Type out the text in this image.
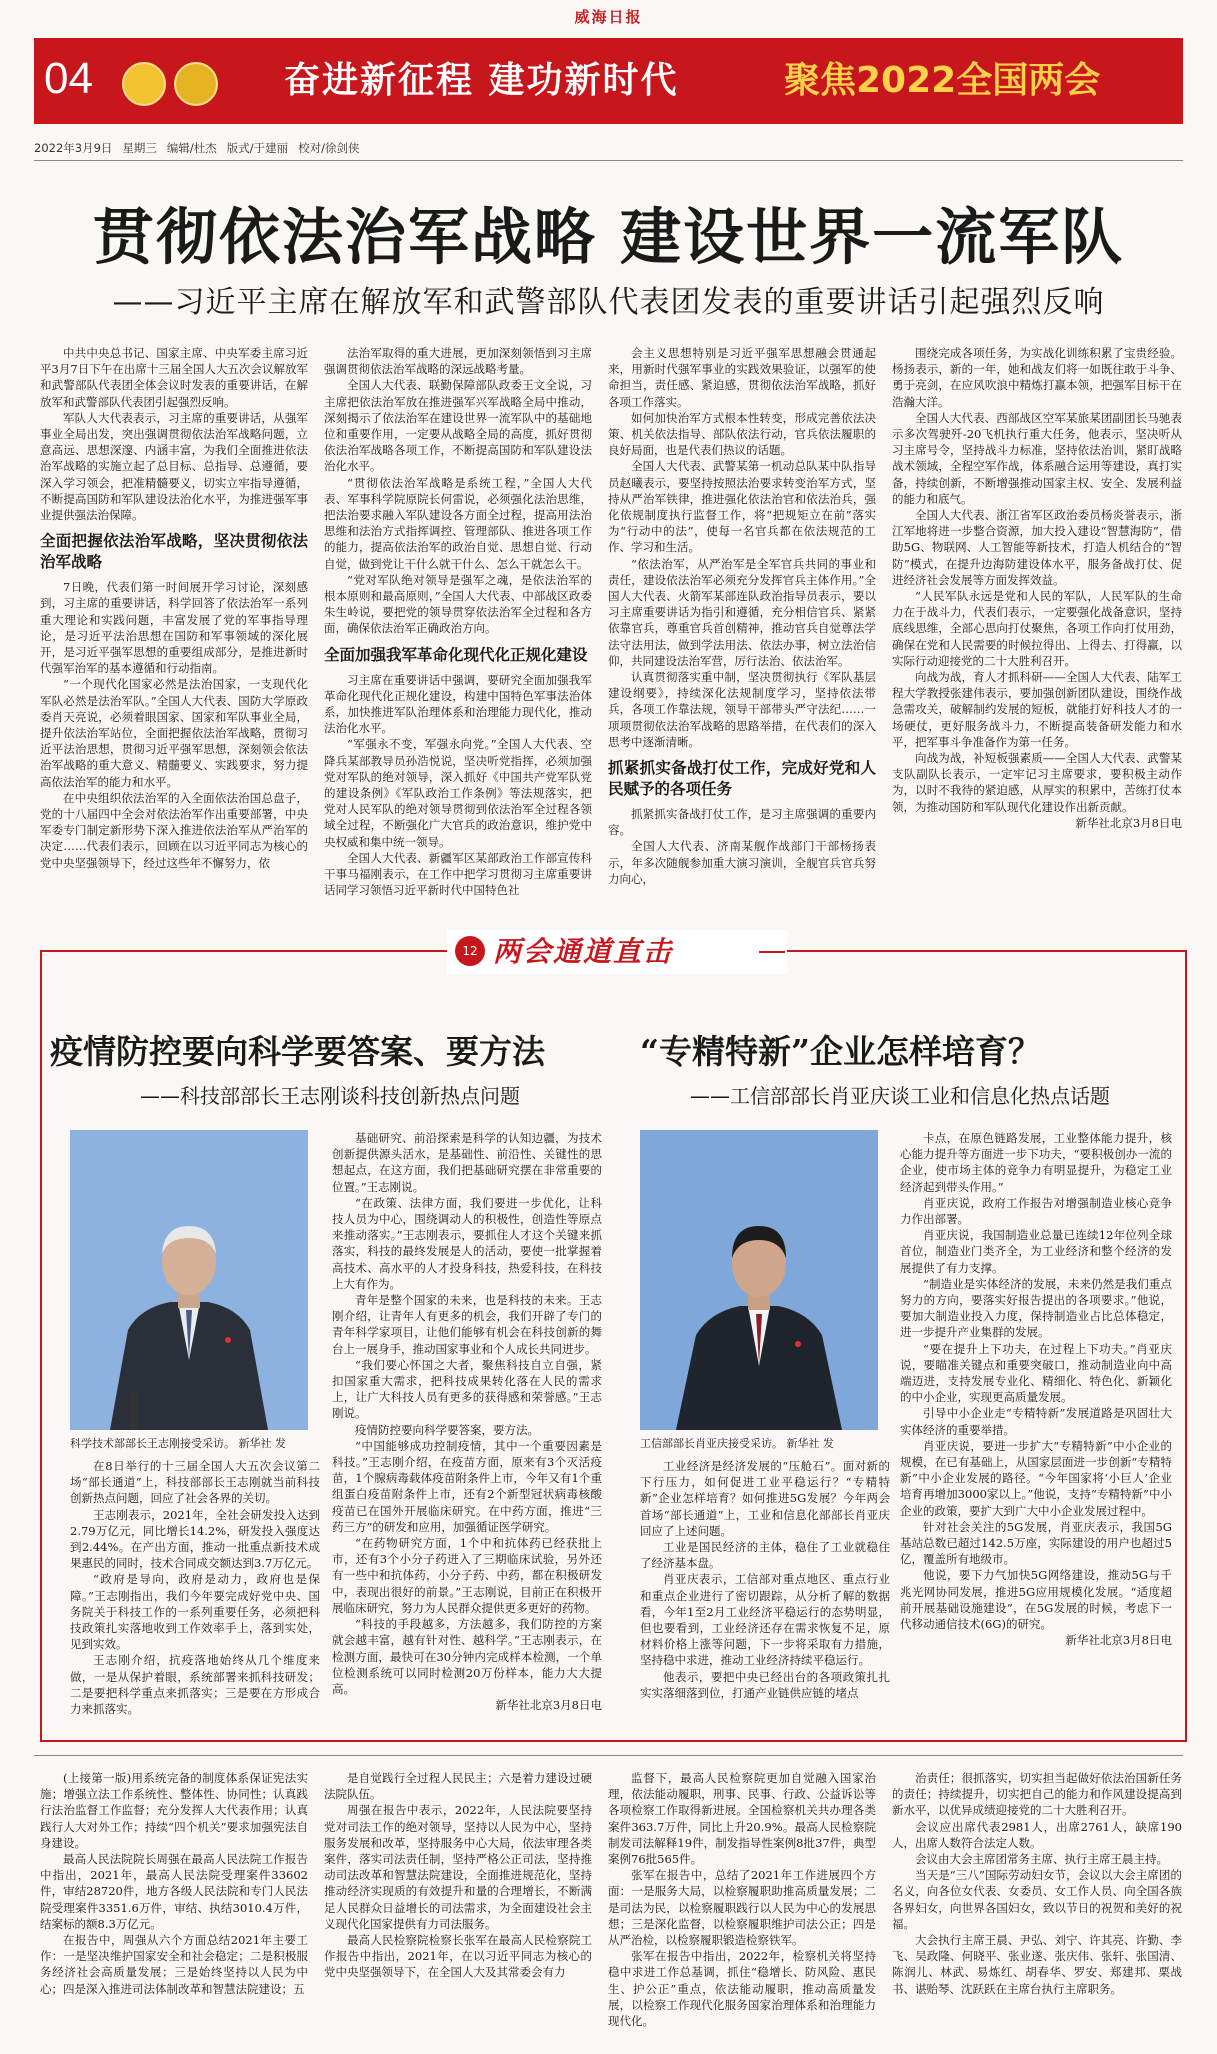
威海日报
04	奋进新征程 建功新时代	聚焦2022全国两会
2022年3月9日 星期三 编辑/杜杰 版式/于建丽 校对/徐剑侠
贯彻依法治军战略 建设世界一流军队
——习近平主席在解放军和武警部队代表团发表的重要讲话引起强烈反响

中共中央总书记、国家主席、中央军委主席习近平3月7日下午在出席十三届全国人大五次会议解放军和武警部队代表团全体会议时发表的重要讲话，在解放军和武警部队代表团引起强烈反响。

军队人大代表表示，习主席的重要讲话，从强军事业全局出发，突出强调贯彻依法治军战略问题，立意高远、思想深邃、内涵丰富，为我们全面推进依法治军战略的实施立起了总目标、总指导、总遵循，要深入学习领会，把准精髓要义，切实立牢指导遵循，不断提高国防和军队建设法治化水平，为推进强军事业提供强法治保障。

全面把握依法治军战略，坚决贯彻依法治军战略

7日晚，代表们第一时间展开学习讨论，深刻感到，习主席的重要讲话，科学回答了依法治军一系列重大理论和实践问题，丰富发展了党的军事指导理论，是习近平法治思想在国防和军事领域的深化展开，是习近平强军思想的重要组成部分，是推进新时代强军治军的基本遵循和行动指南。

“一个现代化国家必然是法治国家，一支现代化军队必然是法治军队。”全国人大代表、国防大学原政委肖天亮说，必须着眼国家、国家和军队事业全局，提升依法治军站位，全面把握依法治军战略，贯彻习近平法治思想，贯彻习近平强军思想，深刻领会依法治军战略的重大意义、精髓要义、实践要求，努力提高依法治军的能力和水平。

在中央组织依法治军的入全面依法治国总盘子，党的十八届四中全会对依法治军作出重要部署，中央军委专门制定新形势下深入推进依法治军从严治军的决定……代表们表示，回顾在以习近平同志为核心的党中央坚强领导下，经过这些年不懈努力，依

法治军取得的重大进展，更加深刻领悟到习主席强调贯彻依法治军战略的深远战略考量。

全国人大代表、联勤保障部队政委王文全说，习主席把依法治军放在推进强军兴军战略全局中推动，深刻揭示了依法治军在建设世界一流军队中的基础地位和重要作用，一定要从战略全局的高度，抓好贯彻依法治军战略各项工作，不断提高国防和军队建设法治化水平。

“贯彻依法治军战略是系统工程，”全国人大代表、军事科学院原院长何雷说，必须强化法治思维，把法治要求融入军队建设各方面全过程，提高用法治思维和法治方式指挥调控、管理部队、推进各项工作的能力，提高依法治军的政治自觉、思想自觉、行动自觉，做到党让干什么就干什么、怎么干就怎么干。

“党对军队绝对领导是强军之魂，是依法治军的根本原则和最高原则，”全国人大代表、中部战区政委朱生岭说，要把党的领导贯穿依法治军全过程和各方面，确保依法治军正确政治方向。

全面加强我军革命化现代化正规化建设

习主席在重要讲话中强调，要研究全面加强我军革命化现代化正规化建设，构建中国特色军事法治体系，加快推进军队治理体系和治理能力现代化，推动法治化水平。

“军强永不变，军强永向党。”全国人大代表、空降兵某部教导员孙浩悦说，坚决听党指挥，必须加强党对军队的绝对领导，深入抓好《中国共产党军队党的建设条例》《军队政治工作条例》等法规落实，把党对人民军队的绝对领导贯彻到依法治军全过程各领域全过程，不断强化广大官兵的政治意识，维护党中央权威和集中统一领导。

全国人大代表、新疆军区某部政治工作部宣传科干事马福刚表示，在工作中把学习贯彻习主席重要讲话同学习领悟习近平新时代中国特色社

会主义思想特别是习近平强军思想融会贯通起来，用新时代强军事业的实践效果验证，以强军的使命担当，责任感、紧迫感，贯彻依法治军战略，抓好各项工作落实。

如何加快治军方式根本性转变，形成完善依法决策、机关依法指导、部队依法行动，官兵依法履职的良好局面，也是代表们热议的话题。

全国人大代表、武警某第一机动总队某中队指导员赵曦表示，要坚持按照法治要求转变治军方式，坚持从严治军铁律，推进强化依法治官和依法治兵，强化依规制度执行监督工作，将“把规矩立在前”落实为“行动中的法”，使每一名官兵都在依法规范的工作、学习和生活。

“依法治军，从严治军是全军官兵共同的事业和责任，建设依法治军必须充分发挥官兵主体作用。”全国人大代表、火箭军某部连队政治指导员表示，要以习主席重要讲话为指引和遵循，充分相信官兵、紧紧依靠官兵，尊重官兵首创精神，推动官兵自觉尊法学法守法用法，做到学法用法、依法办事，树立法治信仰，共同建设法治军营，厉行法治、依法治军。

认真贯彻落实重中制，坚决贯彻执行《军队基层建设纲要》，持续深化法规制度学习，坚持依法带兵，各项工作靠法规，领导干部带头严守法纪……一项项贯彻依法治军战略的思路举措，在代表们的深入思考中逐渐清晰。

抓紧抓实备战打仗工作，完成好党和人民赋予的各项任务

抓紧抓实备战打仗工作，是习主席强调的重要内容。

全国人大代表、济南某舰作战部门干部杨扬表示，年多次随舰参加重大演习演训，全舰官兵官兵努力向心，

围绕完成各项任务，为实战化训练积累了宝贵经验。杨扬表示，新的一年，她和战友们将一如既往敢于斗争、勇于亮剑，在应风吹浪中精炼打赢本领，把强军目标干在浩瀚大洋。

全国人大代表、西部战区空军某旅某团副团长马驰表示多次驾驶歼-20飞机执行重大任务，他表示，坚决听从习主席号令，坚持战斗力标准，坚持依法治训，紧盯战略战术领域，全程空军作战，体系融合运用等建设，真打实备，持续创新，不断增强推动国家主权、安全、发展利益的能力和底气。

全国人大代表、浙江省军区政治委员杨炎誉表示，浙江军地将进一步整合资源，加大投入建设“智慧海防”，借助5G、物联网、人工智能等新技术，打造人机结合的“智防”模式，在提升边海防建设体水平，服务备战打仗、促进经济社会发展等方面发挥效益。

“人民军队永远是党和人民的军队，人民军队的生命力在于战斗力，代表们表示，一定要强化战备意识，坚持底线思维，全部心思向打仗聚焦，各项工作向打仗用劲，确保在党和人民需要的时候拉得出、上得去、打得赢，以实际行动迎接党的二十大胜利召开。

向战为战，育人才抓科研——全国人大代表、陆军工程大学教授张建伟表示，要加强创新团队建设，围绕作战急需攻关，破解制约发展的短板，就能打好科技人才的一场硬仗，更好服务战斗力，不断提高装备研发能力和水平，把军事斗争准备作为第一任务。

向战为战，补短板强素质——全国人大代表、武警某支队副队长表示，一定牢记习主席要求，要积极主动作为，以时不我待的紧迫感，从厚实的积累中，苦练打仗本领，为推动国防和军队现代化建设作出新贡献。

新华社北京3月8日电

12 两会通道直击
疫情防控要向科学要答案、要方法
——科技部部长王志刚谈科技创新热点问题
科学技术部部长王志刚接受采访。 新华社 发

在8日举行的十三届全国人大五次会议第二场“部长通道”上，科技部部长王志刚就当前科技创新热点问题，回应了社会各界的关切。

王志刚表示，2021年，全社会研发投入达到2.79万亿元，同比增长14.2%，研发投入强度达到2.44%。在产出方面，推动一批重点新技术成果惠民的同时，技术合同成交额达到3.7万亿元。

“政府是导向，政府是动力，政府也是保障。”王志刚指出，我们今年要完成好党中央、国务院关于科技工作的一系列重要任务，必须把科技政策扎实落地收到工作效率手上，落到实处，见到实效。

王志刚介绍，抗疫落地始终从几个维度来做，一是从保护着眼，系统部署来抓科技研发；二是要把科学重点来抓落实；三是要在方形成合力来抓落实。

基础研究、前沿探索是科学的认知边疆，为技术创新提供源头活水，是基础性、前沿性、关键性的思想起点，在这方面，我们把基础研究摆在非常重要的位置。”王志刚说。

“在政策、法律方面，我们要进一步优化，让科技人员为中心，围绕调动人的积极性，创造性等原点来推动落实。”王志刚表示，要抓住人才这个关键来抓落实，科技的最终发展是人的活动，要使一批掌握着高技术、高水平的人才投身科技，热爱科技，在科技上大有作为。

青年是整个国家的未来，也是科技的未来。王志刚介绍，让青年人有更多的机会，我们开辟了专门的青年科学家项目，让他们能够有机会在科技创新的舞台上一展身手，推动国家事业和个人成长共同进步。

“我们要心怀国之大者，聚焦科技自立自强，紧扣国家重大需求，把科技成果转化落在人民的需求上，让广大科技人员有更多的获得感和荣誉感。”王志刚说。

疫情防控要向科学要答案，要方法。

“中国能够成功控制疫情，其中一个重要因素是科技。”王志刚介绍，在疫苗方面，原来有3个灭活疫苗，1个腺病毒载体疫苗附条件上市，今年又有1个重组蛋白疫苗附条件上市，还有2个新型冠状病毒核酸疫苗已在国外开展临床研究。在中药方面，推进“三药三方”的研发和应用，加强循证医学研究。

“在药物研究方面，1个中和抗体药已经获批上市，还有3个小分子药进入了三期临床试验，另外还有一些中和抗体药，小分子药、中药，都在积极研发中，表现出很好的前景。”王志刚说，目前正在积极开展临床研究，努力为人民群众提供更多更好的药物。

“科技的手段越多，方法越多，我们防控的方案就会越丰富，越有针对性、越科学。”王志刚表示，在检测方面，最快可在30分钟内完成样本检测，一个单位检测系统可以同时检测20万份样本，能力大大提高。

新华社北京3月8日电

“专精特新”企业怎样培育？
——工信部部长肖亚庆谈工业和信息化热点话题
工信部部长肖亚庆接受采访。 新华社 发

工业经济是经济发展的“压舱石”。面对新的下行压力，如何促进工业平稳运行？“专精特新”企业怎样培育？如何推进5G发展？今年两会首场“部长通道”上，工业和信息化部部长肖亚庆回应了上述问题。

工业是国民经济的主体，稳住了工业就稳住了经济基本盘。

肖亚庆表示，工信部对重点地区、重点行业和重点企业进行了密切跟踪，从分析了解的数据看，今年1至2月工业经济平稳运行的态势明显，但也要看到，工业经济还存在需求恢复不足，原材料价格上涨等问题，下一步将采取有力措施，坚持稳中求进，推动工业经济持续平稳运行。

他表示，要把中央已经出台的各项政策扎扎实实落细落到位，打通产业链供应链的堵点

卡点，在原色链路发展，工业整体能力提升，核心能力提升等方面进一步下功夫，“要积极创办一流的企业，使市场主体的竞争力有明显提升，为稳定工业经济起到带头作用。”

肖亚庆说，政府工作报告对增强制造业核心竞争力作出部署。

肖亚庆说，我国制造业总量已连续12年位列全球首位，制造业门类齐全，为工业经济和整个经济的发展提供了有力支撑。

“制造业是实体经济的发展，未来仍然是我们重点努力的方向，要落实好报告提出的各项要求。”他说，要加大制造业投入力度，保持制造业占比总体稳定，进一步提升产业集群的发展。

“要在提升上下功夫，在过程上下功夫。”肖亚庆说，要瞄准关键点和重要突破口，推动制造业向中高端迈进，支持发展专业化、精细化、特色化、新颖化的中小企业，实现更高质量发展。

引导中小企业走“专精特新”发展道路是巩固壮大实体经济的重要举措。

肖亚庆说，要进一步扩大“专精特新”中小企业的规模，在已有基础上，从国家层面进一步创新“专精特新”中小企业发展的路径。“今年国家将‘小巨人’企业培育再增加3000家以上。”他说，支持“专精特新”中小企业的政策，要扩大到广大中小企业发展过程中。

针对社会关注的5G发展，肖亚庆表示，我国5G基站总数已超过142.5万座，实际建设的用户也超过5亿，覆盖所有地级市。

他说，要下力气加快5G网络建设，推动5G与千兆光网协同发展，推进5G应用规模化发展。“适度超前开展基础设施建设”，在5G发展的时候，考虑下一代移动通信技术(6G)的研究。

新华社北京3月8日电

(上接第一版)用系统完备的制度体系保证宪法实施；增强立法工作系统性、整体性、协同性；认真践行法治监督工作监督；充分发挥人大代表作用；认真践行人大对外工作；持续“四个机关”要求加强宪法自身建设。

最高人民法院院长周强在最高人民法院工作报告中指出，2021年，最高人民法院受理案件33602件，审结28720件，地方各级人民法院和专门人民法院受理案件3351.6万件，审结、执结3010.4万件，结案标的额8.3万亿元。

在报告中，周强从六个方面总结2021年主要工作：一是坚决维护国家安全和社会稳定；二是积极服务经济社会高质量发展；三是始终坚持以人民为中心；四是深入推进司法体制改革和智慧法院建设；五

是自觉践行全过程人民民主；六是着力建设过硬法院队伍。

周强在报告中表示，2022年，人民法院要坚持党对司法工作的绝对领导，坚持以人民为中心，坚持服务发展和改革，坚持服务中心大局，依法审理各类案件，落实司法责任制，坚持严格公正司法，坚持推动司法改革和智慧法院建设，全面推进规范化，坚持推动经济实现质的有效提升和量的合理增长，不断满足人民群众日益增长的司法需求，为全面建设社会主义现代化国家提供有力司法服务。

最高人民检察院检察长张军在最高人民检察院工作报告中指出，2021年，在以习近平同志为核心的党中央坚强领导下，在全国人大及其常委会有力

监督下，最高人民检察院更加自觉融入国家治理，依法能动履职，刑事、民事、行政、公益诉讼等各项检察工作取得新进展。全国检察机关共办理各类案件363.7万件，同比上升20.9%。最高人民检察院制发司法解释19件，制发指导性案例8批37件，典型案例76批565件。

张军在报告中，总结了2021年工作进展四个方面：一是服务大局，以检察履职助推高质量发展；二是司法为民，以检察履职践行以人民为中心的发展思想；三是深化监督，以检察履职维护司法公正；四是从严治检，以检察履职锻造检察铁军。

张军在报告中指出，2022年，检察机关将坚持稳中求进工作总基调，抓住“稳增长、防风险、惠民生、护公正”重点，依法能动履职，推动高质量发展，以检察工作现代化服务国家治理体系和治理能力现代化。

治责任；很抓落实，切实担当起做好依法治国新任务的责任；持续提升，切实把自己的能力和作风建设提高到新水平，以优异成绩迎接党的二十大胜利召开。

会议应出席代表2981人，出席2761人，缺席190人，出席人数符合法定人数。

会议由大会主席团常务主席、执行主席王晨主持。

当天是“三八”国际劳动妇女节，会议以大会主席团的名义，向各位女代表、女委员、女工作人员、向全国各族各界妇女，向世界各国妇女，致以节日的祝贺和美好的祝福。

大会执行主席王晨、尹弘、刘宁、许其亮、许勤、李飞、吴政隆、何晓平、张业遂、张庆伟、张轩、张国清、陈润儿、林武、易炼红、胡春华、罗安、郑建邦、栗战书、谌贻琴、沈跃跃在主席台执行主席职务。
